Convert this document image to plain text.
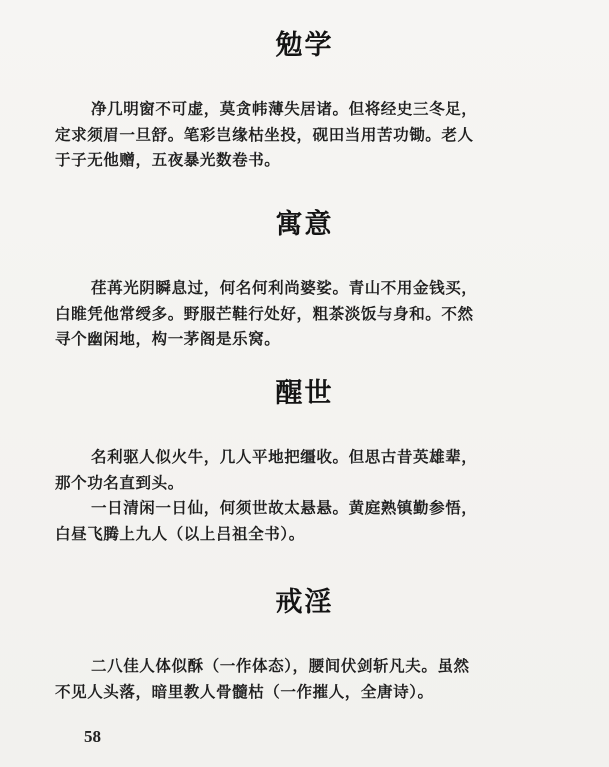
勉学

净几明窗不可虚，莫贪帏薄失居诸。但将经史三冬足，
定求须眉一旦舒。笔彩岂缘枯坐投，砚田当用苦功锄。老人
于子无他赠，五夜暴光数卷书。

寓意

荏苒光阴瞬息过，何名何利尚婆娑。青山不用金钱买，
白睢凭他常绶多。野服芒鞋行处好，粗茶淡饭与身和。不然
寻个幽闲地，构一茅阁是乐窝。

醒世

名利驱人似火牛，几人平地把缰收。但思古昔英雄辈，
那个功名直到头。
一日清闲一日仙，何须世故太悬悬。黄庭熟镇勤参悟，
白昼飞腾上九人（以上吕祖全书）。

戒淫

二八佳人体似酥（一作体态），腰间伏剑斩凡夫。虽然
不见人头落，暗里教人骨髓枯（一作摧人，全唐诗）。

58
